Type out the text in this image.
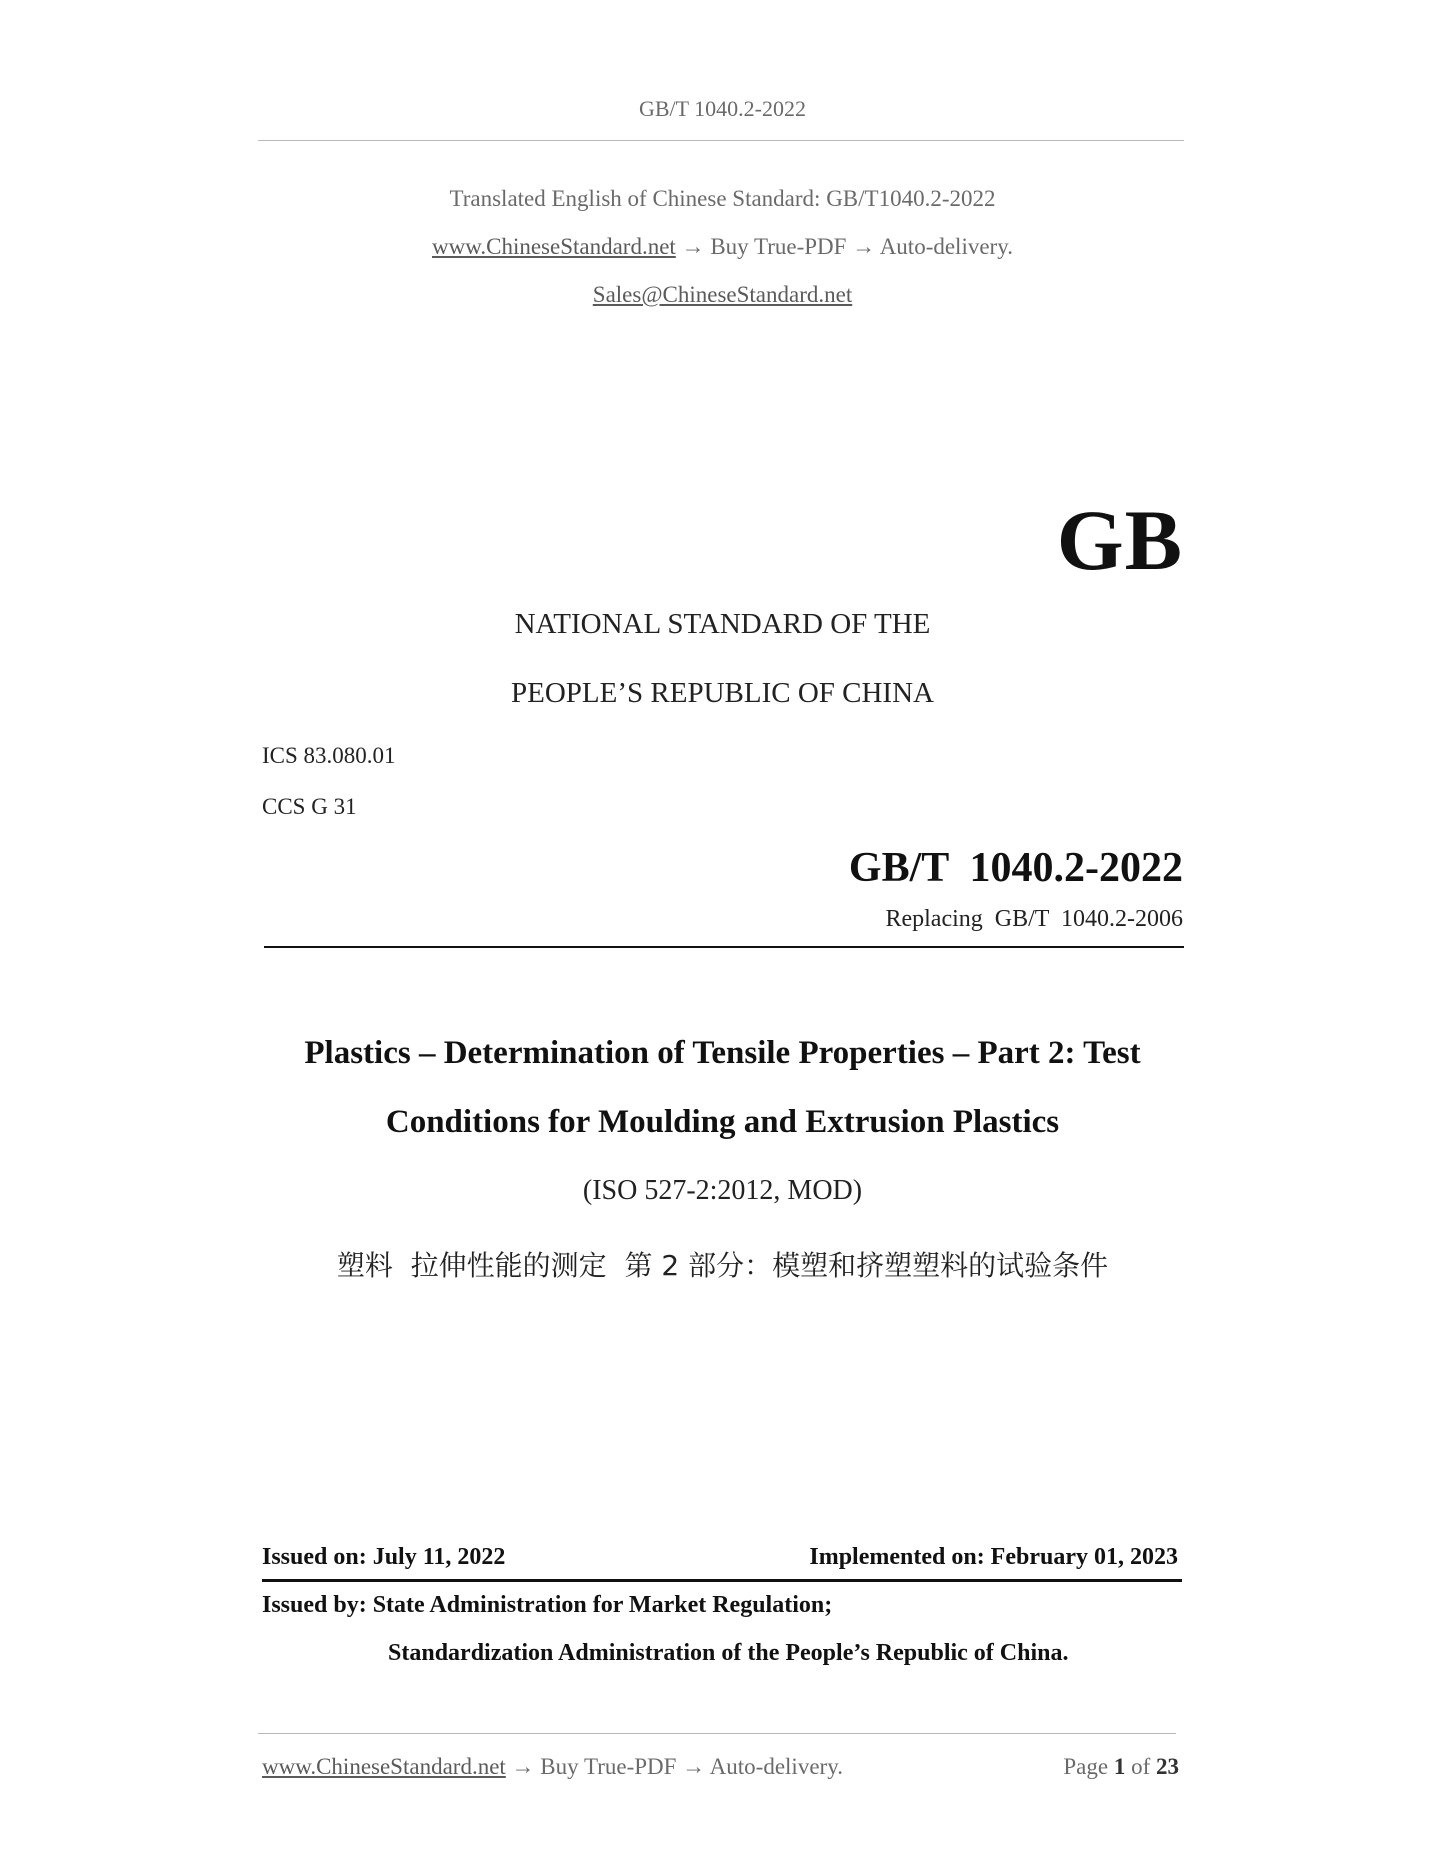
GB/T 1040.2-2022
Translated English of Chinese Standard: GB/T1040.2-2022
www.ChineseStandard.net → Buy True-PDF → Auto-delivery.
Sales@ChineseStandard.net
GB
NATIONAL STANDARD OF THE
PEOPLE’S REPUBLIC OF CHINA
ICS 83.080.01
CCS G 31
GB/T  1040.2-2022
Replacing  GB/T  1040.2-2006
Plastics – Determination of Tensile Properties – Part 2: Test
Conditions for Moulding and Extrusion Plastics
(ISO 527-2:2012, MOD)
塑料  拉伸性能的测定  第 2 部分：模塑和挤塑塑料的试验条件
Issued on: July 11, 2022	Implemented on: February 01, 2023
Issued by: State Administration for Market Regulation;
Standardization Administration of the People’s Republic of China.
www.ChineseStandard.net → Buy True-PDF → Auto-delivery.	Page 1 of 23
